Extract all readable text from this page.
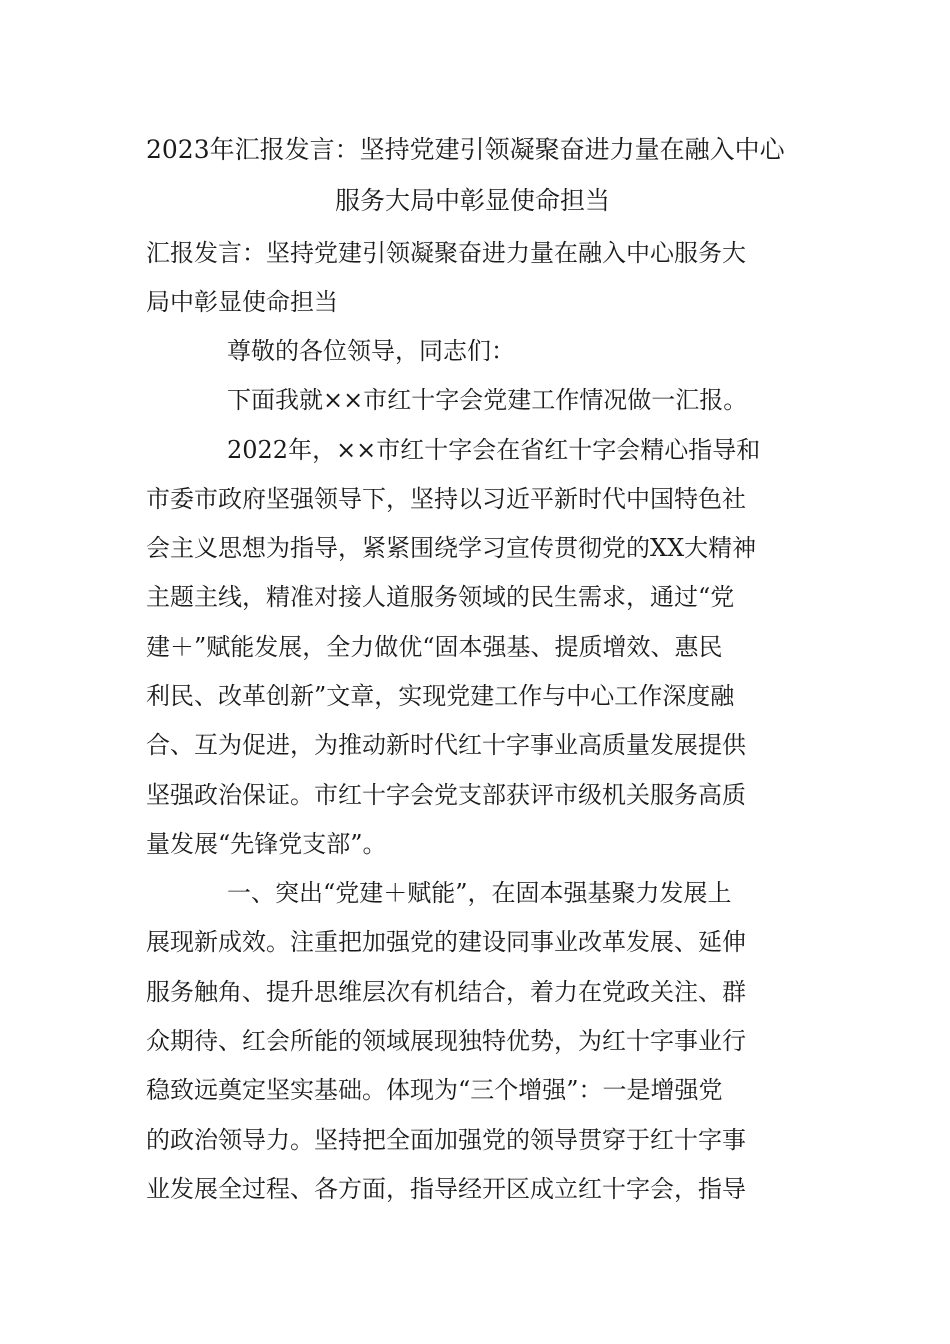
2023年汇报发言：坚持党建引领凝聚奋进力量在融入中心
服务大局中彰显使命担当
汇报发言：坚持党建引领凝聚奋进力量在融入中心服务大
局中彰显使命担当
尊敬的各位领导，同志们：
下面我就××市红十字会党建工作情况做一汇报。
2022年，××市红十字会在省红十字会精心指导和
市委市政府坚强领导下，坚持以习近平新时代中国特色社
会主义思想为指导，紧紧围绕学习宣传贯彻党的XX大精神
主题主线，精准对接人道服务领域的民生需求，通过“党
建＋”赋能发展，全力做优“固本强基、提质增效、惠民
利民、改革创新”文章，实现党建工作与中心工作深度融
合、互为促进，为推动新时代红十字事业高质量发展提供
坚强政治保证。市红十字会党支部获评市级机关服务高质
量发展“先锋党支部”。
一、突出“党建＋赋能”，在固本强基聚力发展上
展现新成效。注重把加强党的建设同事业改革发展、延伸
服务触角、提升思维层次有机结合，着力在党政关注、群
众期待、红会所能的领域展现独特优势，为红十字事业行
稳致远奠定坚实基础。体现为“三个增强”：一是增强党
的政治领导力。坚持把全面加强党的领导贯穿于红十字事
业发展全过程、各方面，指导经开区成立红十字会，指导
